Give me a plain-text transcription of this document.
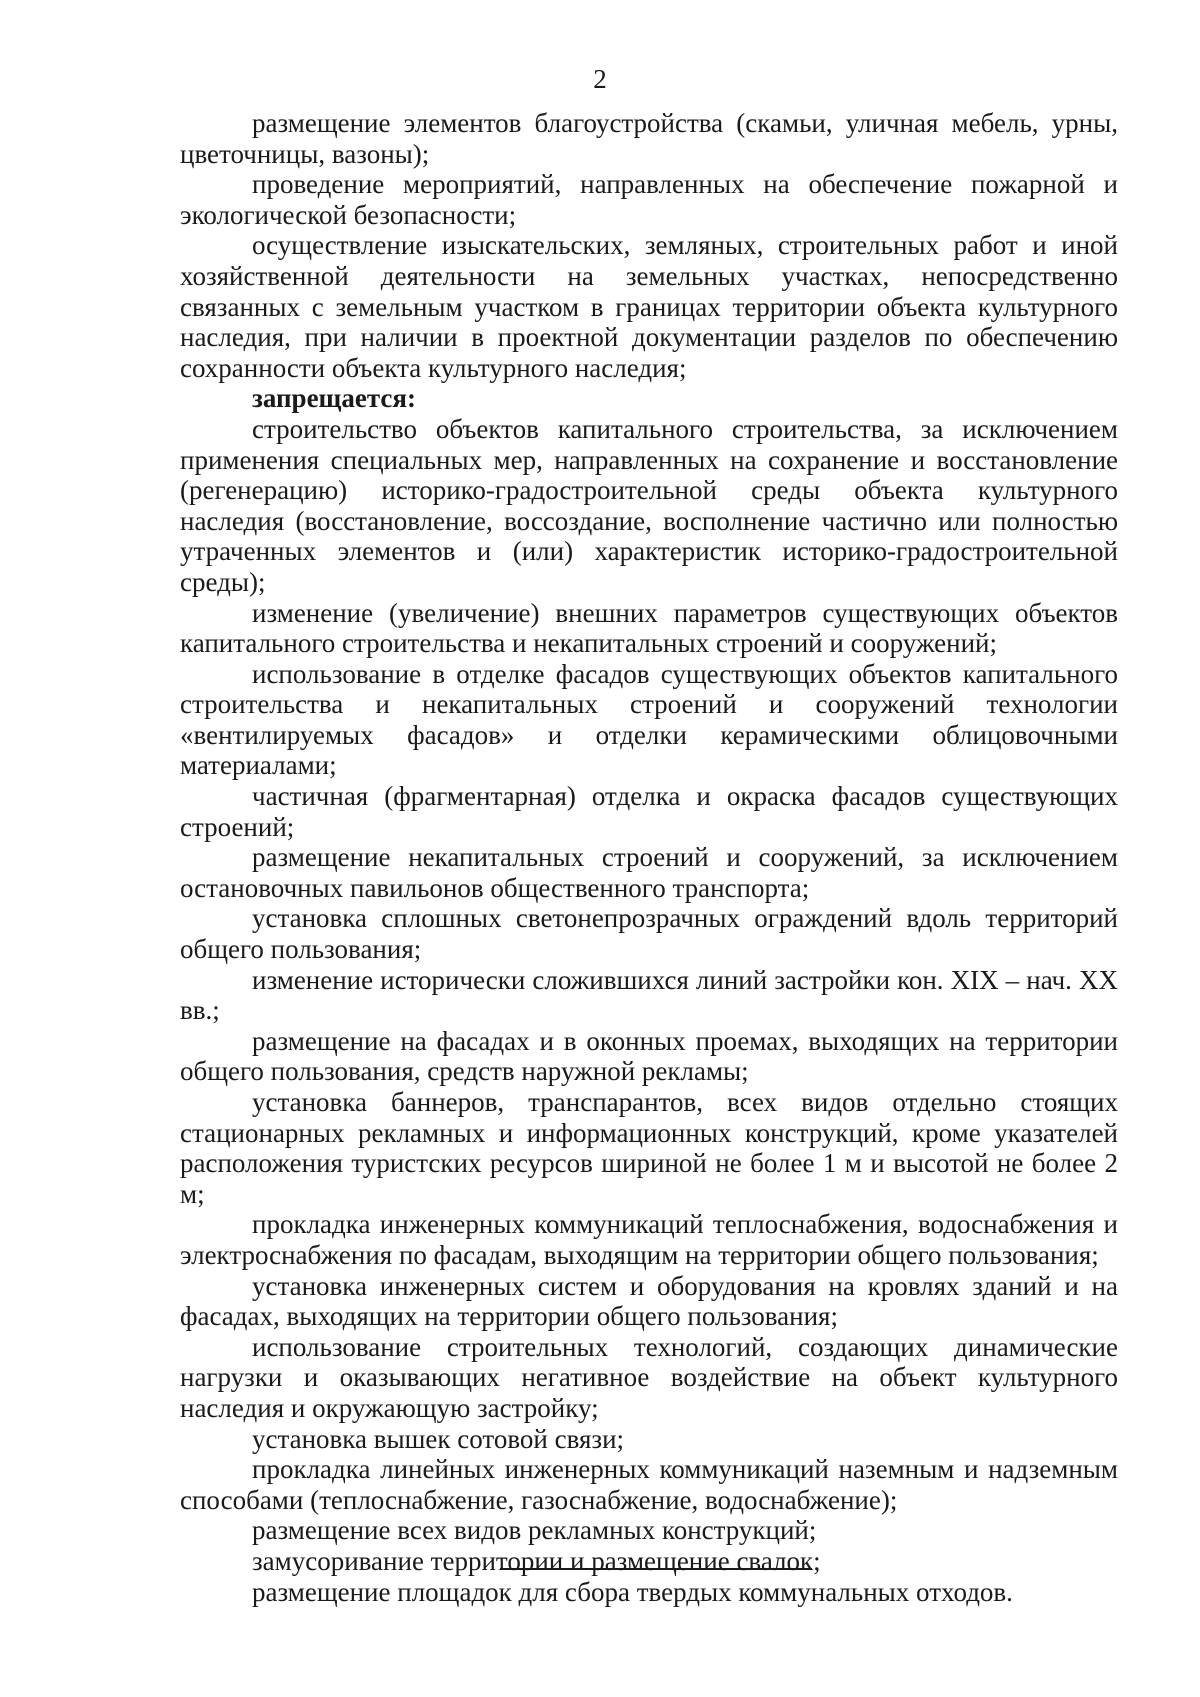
2

размещение элементов благоустройства (скамьи, уличная мебель, урны, цветочницы, вазоны);

проведение мероприятий, направленных на обеспечение пожарной и экологической безопасности;

осуществление изыскательских, земляных, строительных работ и иной хозяйственной деятельности на земельных участках, непосредственно связанных с земельным участком в границах территории объекта культурного наследия, при наличии в проектной документации разделов по обеспечению сохранности объекта культурного наследия;

запрещается:

строительство объектов капитального строительства, за исключением применения специальных мер, направленных на сохранение и восстановление (регенерацию) историко-градостроительной среды объекта культурного наследия (восстановление, воссоздание, восполнение частично или полностью утраченных элементов и (или) характеристик историко-градостроительной среды);

изменение (увеличение) внешних параметров существующих объектов капитального строительства и некапитальных строений и сооружений;

использование в отделке фасадов существующих объектов капитального строительства и некапитальных строений и сооружений технологии «вентилируемых фасадов» и отделки керамическими облицовочными материалами;

частичная (фрагментарная) отделка и окраска фасадов существующих строений;

размещение некапитальных строений и сооружений, за исключением остановочных павильонов общественного транспорта;

установка сплошных светонепрозрачных ограждений вдоль территорий общего пользования;

изменение исторически сложившихся линий застройки кон. XIX – нач. XX вв.;

размещение на фасадах и в оконных проемах, выходящих на территории общего пользования, средств наружной рекламы;

установка баннеров, транспарантов, всех видов отдельно стоящих стационарных рекламных и информационных конструкций, кроме указателей расположения туристских ресурсов шириной не более 1 м и высотой не более 2 м;

прокладка инженерных коммуникаций теплоснабжения, водоснабжения и электроснабжения по фасадам, выходящим на территории общего пользования;

установка инженерных систем и оборудования на кровлях зданий и на фасадах, выходящих на территории общего пользования;

использование строительных технологий, создающих динамические нагрузки и оказывающих негативное воздействие на объект культурного наследия и окружающую застройку;

установка вышек сотовой связи;

прокладка линейных инженерных коммуникаций наземным и надземным способами (теплоснабжение, газоснабжение, водоснабжение);

размещение всех видов рекламных конструкций;

замусоривание территории и размещение свалок;

размещение площадок для сбора твердых коммунальных отходов.
